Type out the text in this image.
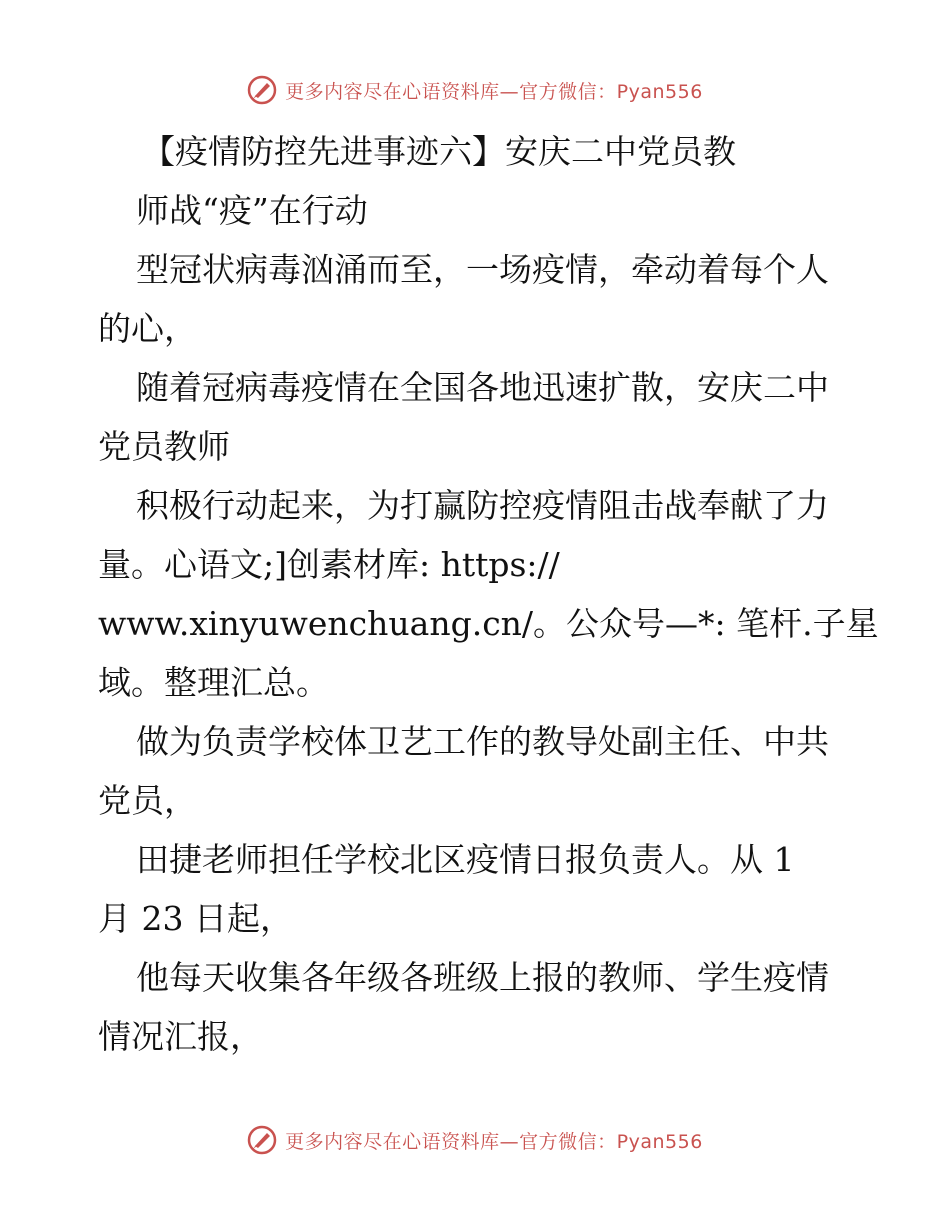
更多内容尽在心语资料库—官方微信：Pyan556
【疫情防控先进事迹六】安庆二中党员教
师战“疫”在行动
型冠状病毒汹涌而至，一场疫情，牵动着每个人
的心，
随着冠病毒疫情在全国各地迅速扩散，安庆二中
党员教师
积极行动起来，为打赢防控疫情阻击战奉献了力
量。心语文;]创素材库: https://
www.xinyuwenchuang.cn/。公众号—*: 笔杆.子星
域。整理汇总。
做为负责学校体卫艺工作的教导处副主任、中共
党员，
田捷老师担任学校北区疫情日报负责人。从 1
月 23 日起，
他每天收集各年级各班级上报的教师、学生疫情
情况汇报，
更多内容尽在心语资料库—官方微信：Pyan556
